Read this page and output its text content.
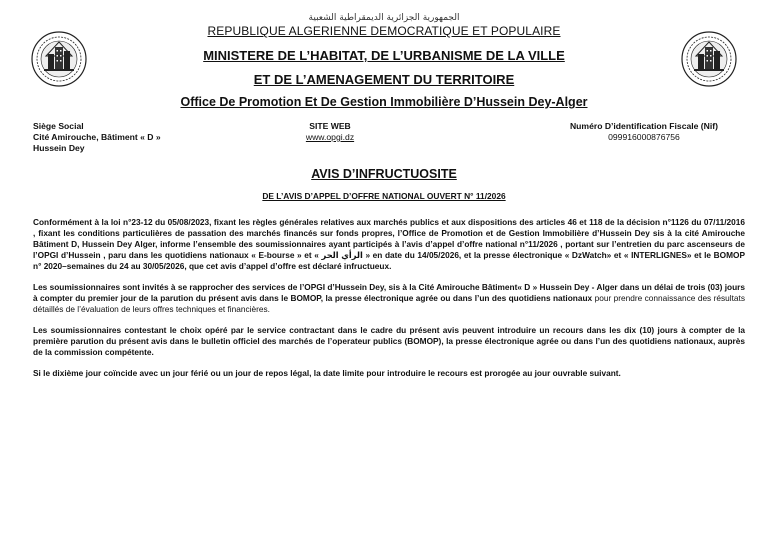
الجمهورية الجزائرية الديمقراطية الشعبية
REPUBLIQUE ALGERIENNE DEMOCRATIQUE ET POPULAIRE
MINISTERE DE L’HABITAT, DE L’URBANISME DE LA VILLE
ET DE L’AMENAGEMENT DU TERRITOIRE
Office De Promotion Et De Gestion Immobilière D’Hussein Dey-Alger
Siège Social
Cité Amirouche, Bâtiment « D »
Hussein Dey
SITE WEB
www.opgi.dz
Numéro D’identification Fiscale (Nif)
099916000876756
AVIS D’INFRUCTUOSITE
DE L’AVIS D’APPEL D’OFFRE NATIONAL OUVERT N° 11/2026

Conformément à la loi n°23-12 du 05/08/2023, fixant les règles générales relatives aux marchés publics et aux dispositions des articles 46 et 118 de la décision n°1126 du 07/11/2016 , fixant les conditions particulières de passation des marchés financés sur fonds propres, l’Office de Promotion et de Gestion Immobilière d’Hussein Dey sis à la cité Amirouche Bâtiment D, Hussein Dey Alger, informe l’ensemble des soumissionnaires ayant participés à l’avis d’appel d’offre national n°11/2026 , portant sur l’entretien du parc ascenseurs de l’OPGI d’Hussein , paru dans les quotidiens nationaux « E-bourse » et « الرأي الحر » en date du 14/05/2026, et la presse électronique « DzWatch» et « INTERLIGNES» et le BOMOP n° 2020–semaines du 24 au 30/05/2026, que cet avis d’appel d’offre est déclaré infructueux.

Les soumissionnaires sont invités à se rapprocher des services de l’OPGI d’Hussein Dey, sis à la Cité Amirouche Bâtiment« D » Hussein Dey - Alger dans un délai de trois (03) jours à compter du premier jour de la parution du présent avis dans le BOMOP, la presse électronique agrée ou dans l’un des quotidiens nationaux pour prendre connaissance des résultats détaillés de l’évaluation de leurs offres techniques et financières.

Les soumissionnaires contestant le choix opéré par le service contractant dans le cadre du présent avis peuvent introduire un recours dans les dix (10) jours à compter de la première parution du présent avis dans le bulletin officiel des marchés de l’operateur publics (BOMOP), la presse électronique agrée ou dans l’un des quotidiens nationaux, auprès de la commission compétente.

Si le dixième jour coïncide avec un jour férié ou un jour de repos légal, la date limite pour introduire le recours est prorogée au jour ouvrable suivant.
